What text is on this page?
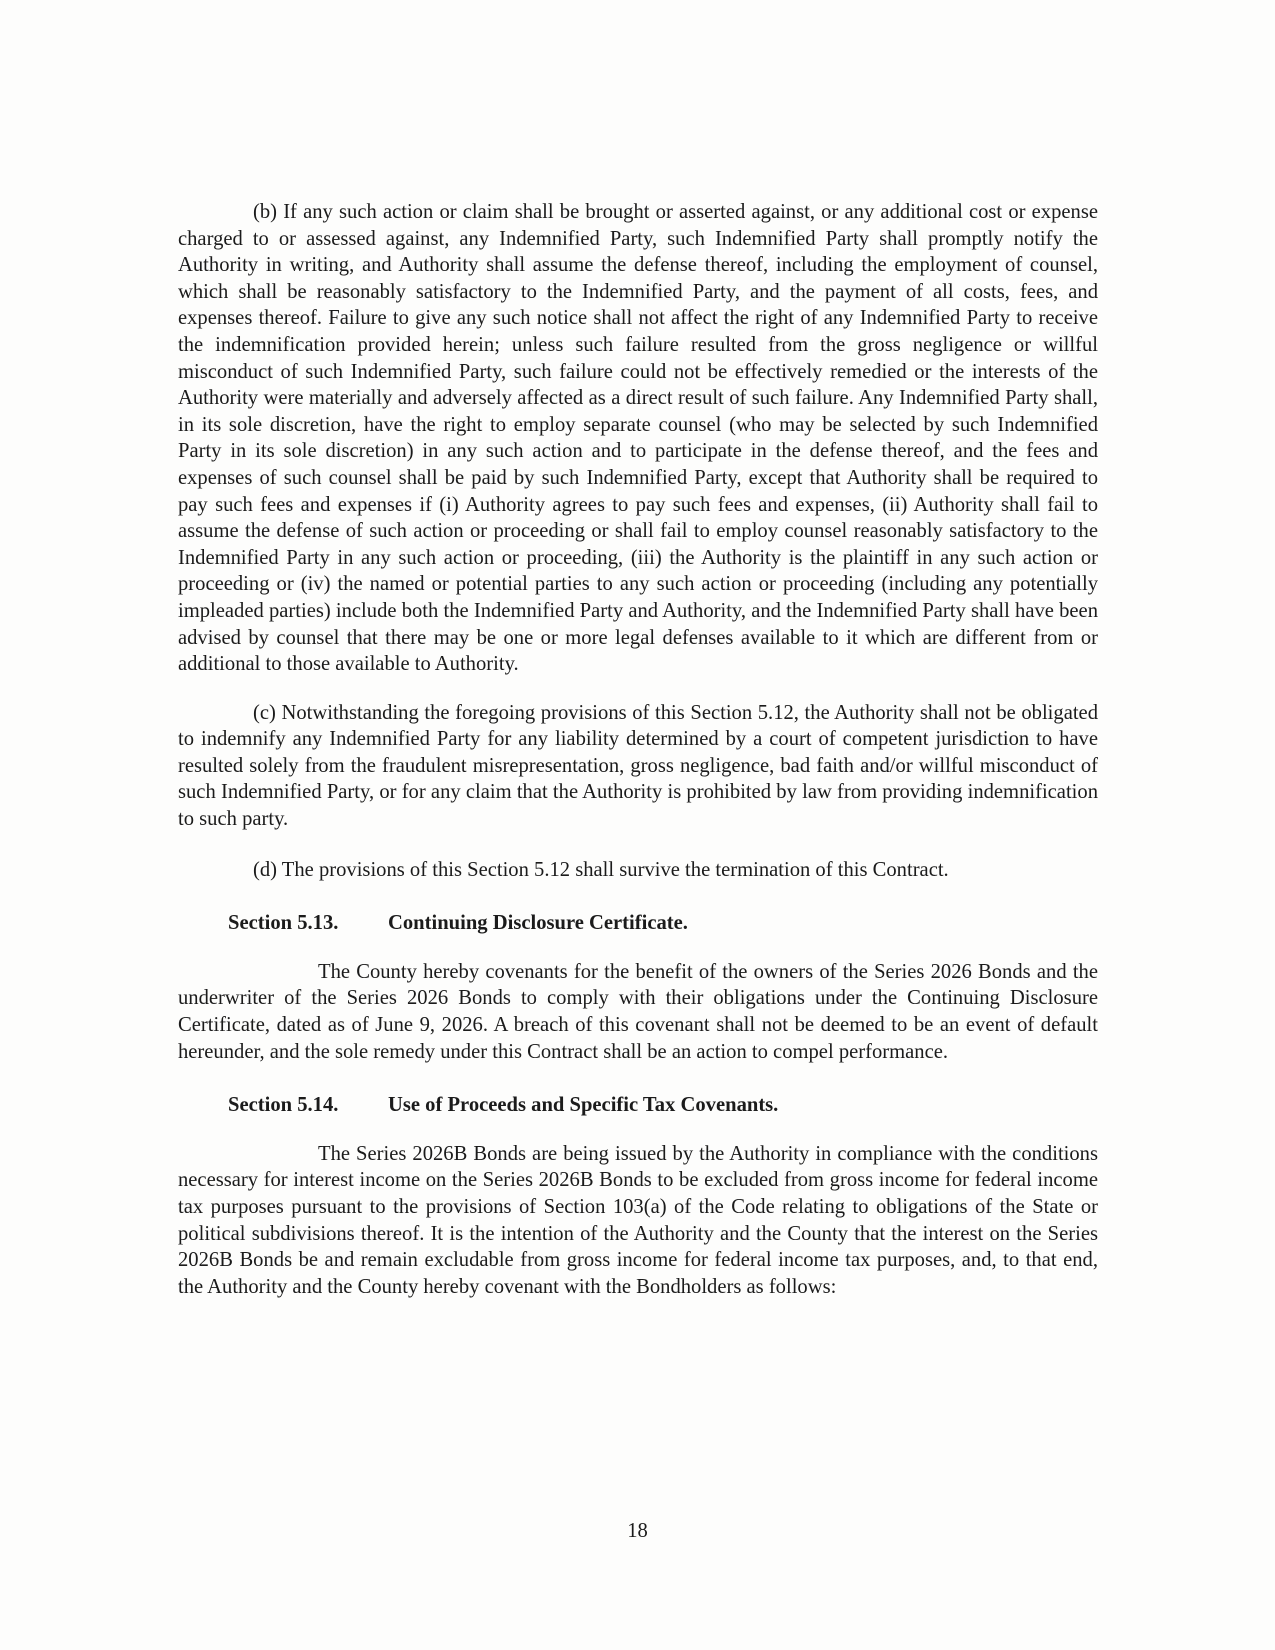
(b) If any such action or claim shall be brought or asserted against, or any additional cost or expense charged to or assessed against, any Indemnified Party, such Indemnified Party shall promptly notify the Authority in writing, and Authority shall assume the defense thereof, including the employment of counsel, which shall be reasonably satisfactory to the Indemnified Party, and the payment of all costs, fees, and expenses thereof. Failure to give any such notice shall not affect the right of any Indemnified Party to receive the indemnification provided herein; unless such failure resulted from the gross negligence or willful misconduct of such Indemnified Party, such failure could not be effectively remedied or the interests of the Authority were materially and adversely affected as a direct result of such failure. Any Indemnified Party shall, in its sole discretion, have the right to employ separate counsel (who may be selected by such Indemnified Party in its sole discretion) in any such action and to participate in the defense thereof, and the fees and expenses of such counsel shall be paid by such Indemnified Party, except that Authority shall be required to pay such fees and expenses if (i) Authority agrees to pay such fees and expenses, (ii) Authority shall fail to assume the defense of such action or proceeding or shall fail to employ counsel reasonably satisfactory to the Indemnified Party in any such action or proceeding, (iii) the Authority is the plaintiff in any such action or proceeding or (iv) the named or potential parties to any such action or proceeding (including any potentially impleaded parties) include both the Indemnified Party and Authority, and the Indemnified Party shall have been advised by counsel that there may be one or more legal defenses available to it which are different from or additional to those available to Authority.

(c) Notwithstanding the foregoing provisions of this Section 5.12, the Authority shall not be obligated to indemnify any Indemnified Party for any liability determined by a court of competent jurisdiction to have resulted solely from the fraudulent misrepresentation, gross negligence, bad faith and/or willful misconduct of such Indemnified Party, or for any claim that the Authority is prohibited by law from providing indemnification to such party.

(d) The provisions of this Section 5.12 shall survive the termination of this Contract.

Section 5.13. Continuing Disclosure Certificate.

The County hereby covenants for the benefit of the owners of the Series 2026 Bonds and the underwriter of the Series 2026 Bonds to comply with their obligations under the Continuing Disclosure Certificate, dated as of June 9, 2026. A breach of this covenant shall not be deemed to be an event of default hereunder, and the sole remedy under this Contract shall be an action to compel performance.

Section 5.14. Use of Proceeds and Specific Tax Covenants.

The Series 2026B Bonds are being issued by the Authority in compliance with the conditions necessary for interest income on the Series 2026B Bonds to be excluded from gross income for federal income tax purposes pursuant to the provisions of Section 103(a) of the Code relating to obligations of the State or political subdivisions thereof. It is the intention of the Authority and the County that the interest on the Series 2026B Bonds be and remain excludable from gross income for federal income tax purposes, and, to that end, the Authority and the County hereby covenant with the Bondholders as follows:

18
